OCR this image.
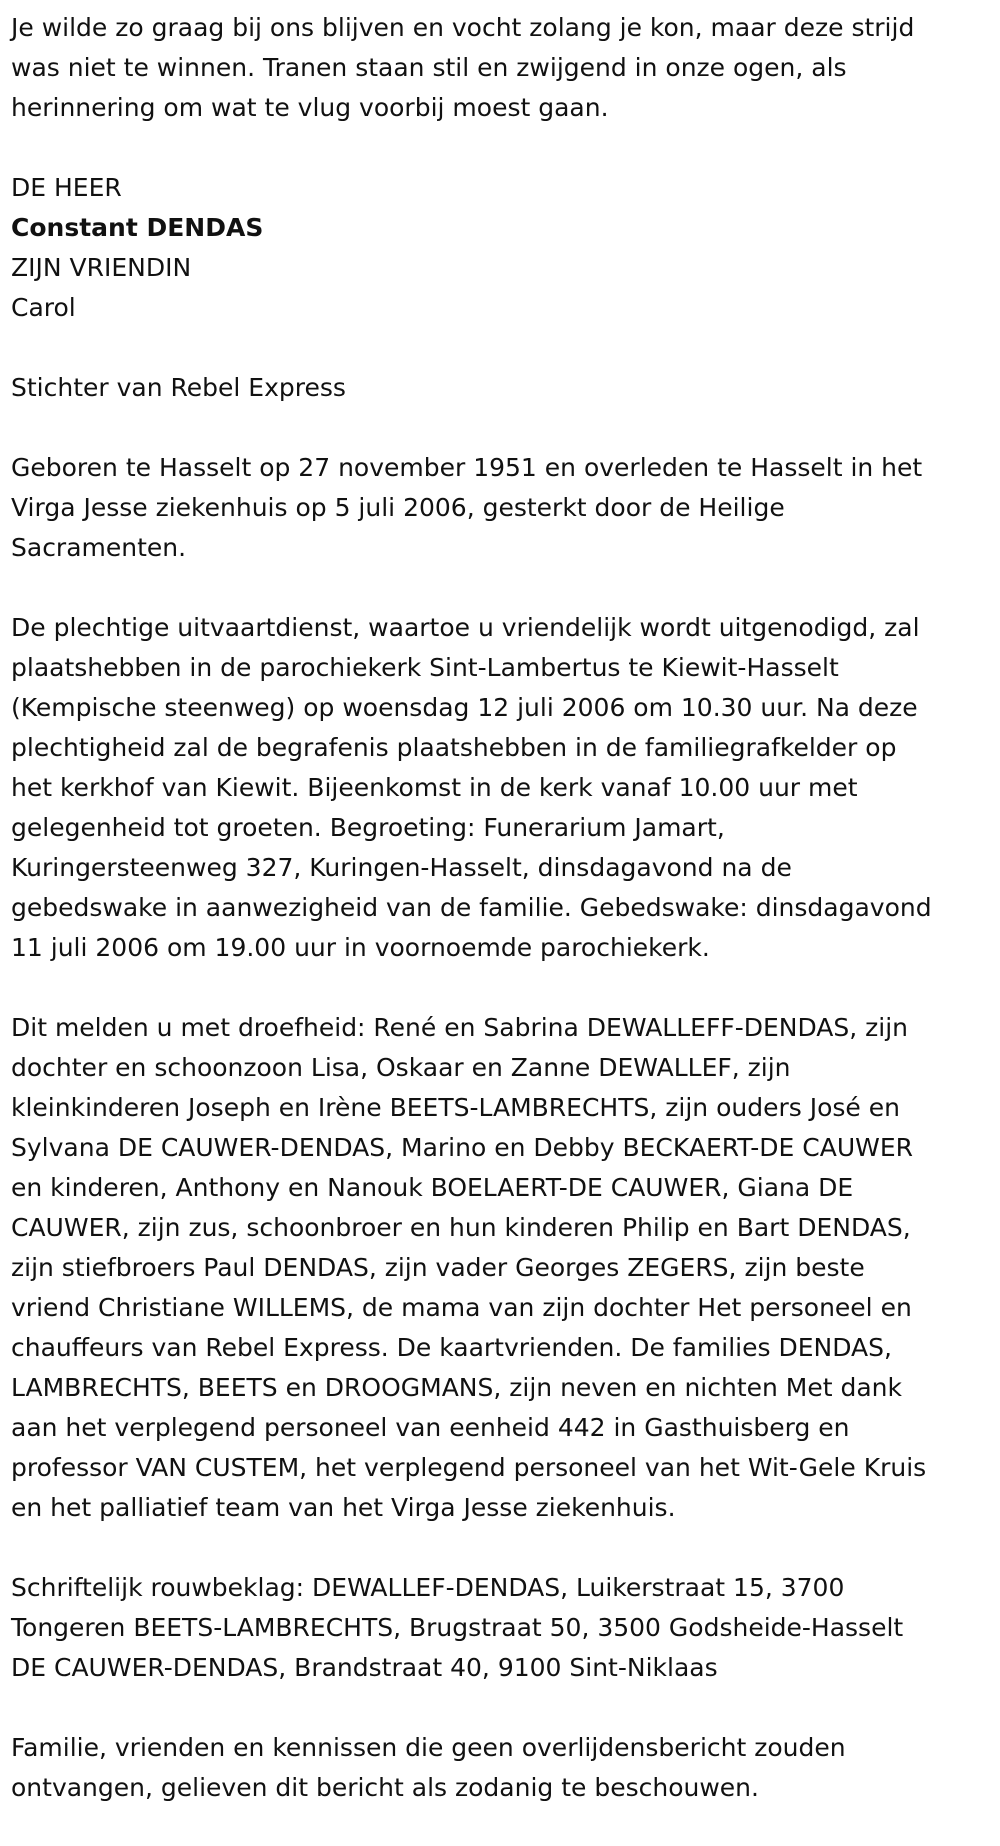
Je wilde zo graag bij ons blijven en vocht zolang je kon, maar deze strijd
was niet te winnen. Tranen staan stil en zwijgend in onze ogen, als
herinnering om wat te vlug voorbij moest gaan.
DE HEER
Constant DENDAS
ZIJN VRIENDIN
Carol
Stichter van Rebel Express
Geboren te Hasselt op 27 november 1951 en overleden te Hasselt in het
Virga Jesse ziekenhuis op 5 juli 2006, gesterkt door de Heilige
Sacramenten.
De plechtige uitvaartdienst, waartoe u vriendelijk wordt uitgenodigd, zal
plaatshebben in de parochiekerk Sint-Lambertus te Kiewit-Hasselt
(Kempische steenweg) op woensdag 12 juli 2006 om 10.30 uur. Na deze
plechtigheid zal de begrafenis plaatshebben in de familiegrafkelder op
het kerkhof van Kiewit. Bijeenkomst in de kerk vanaf 10.00 uur met
gelegenheid tot groeten. Begroeting: Funerarium Jamart,
Kuringersteenweg 327, Kuringen-Hasselt, dinsdagavond na de
gebedswake in aanwezigheid van de familie. Gebedswake: dinsdagavond
11 juli 2006 om 19.00 uur in voornoemde parochiekerk.
Dit melden u met droefheid: René en Sabrina DEWALLEFF-DENDAS, zijn
dochter en schoonzoon Lisa, Oskaar en Zanne DEWALLEF, zijn
kleinkinderen Joseph en Irène BEETS-LAMBRECHTS, zijn ouders José en
Sylvana DE CAUWER-DENDAS, Marino en Debby BECKAERT-DE CAUWER
en kinderen, Anthony en Nanouk BOELAERT-DE CAUWER, Giana DE
CAUWER, zijn zus, schoonbroer en hun kinderen Philip en Bart DENDAS,
zijn stiefbroers Paul DENDAS, zijn vader Georges ZEGERS, zijn beste
vriend Christiane WILLEMS, de mama van zijn dochter Het personeel en
chauffeurs van Rebel Express. De kaartvrienden. De families DENDAS,
LAMBRECHTS, BEETS en DROOGMANS, zijn neven en nichten Met dank
aan het verplegend personeel van eenheid 442 in Gasthuisberg en
professor VAN CUSTEM, het verplegend personeel van het Wit-Gele Kruis
en het palliatief team van het Virga Jesse ziekenhuis.
Schriftelijk rouwbeklag: DEWALLEF-DENDAS, Luikerstraat 15, 3700
Tongeren BEETS-LAMBRECHTS, Brugstraat 50, 3500 Godsheide-Hasselt
DE CAUWER-DENDAS, Brandstraat 40, 9100 Sint-Niklaas
Familie, vrienden en kennissen die geen overlijdensbericht zouden
ontvangen, gelieven dit bericht als zodanig te beschouwen.
